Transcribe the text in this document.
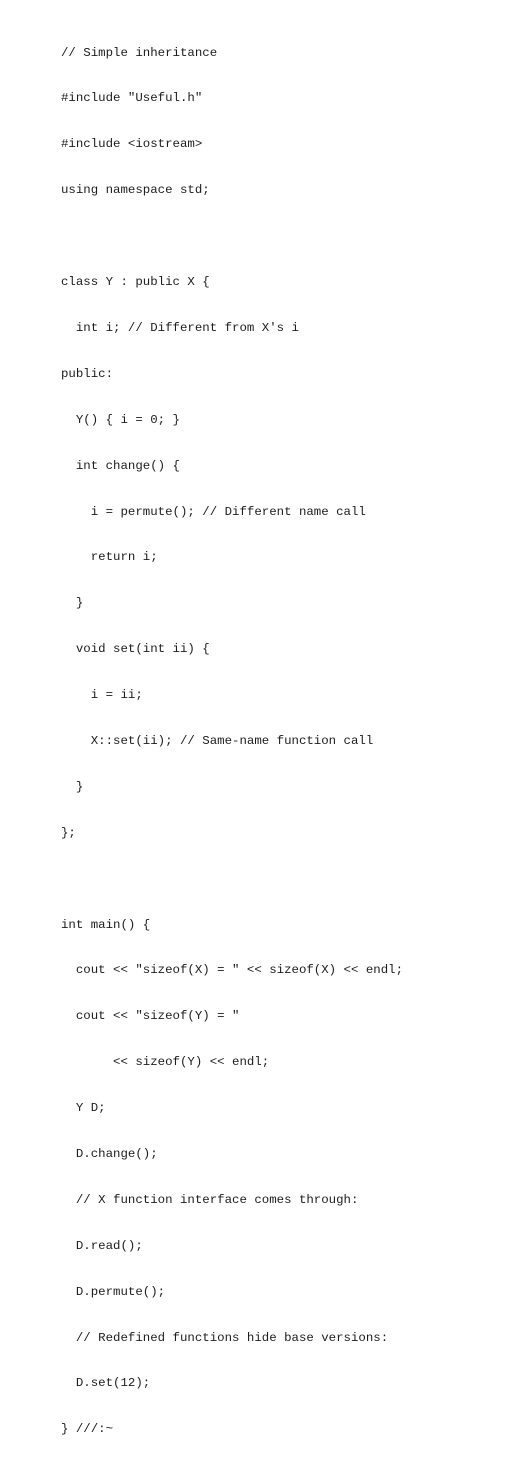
// Simple inheritance

#include "Useful.h"

#include <iostream>

using namespace std;

class Y : public X {

int i; // Different from X's i

public:

Y() { i = 0; }

int change() {

i = permute(); // Different name call

return i;

}

void set(int ii) {

i = ii;

X::set(ii); // Same-name function call

}

};

int main() {

cout << "sizeof(X) = " << sizeof(X) << endl;

cout << "sizeof(Y) = "

<< sizeof(Y) << endl;

Y D;

D.change();

// X function interface comes through:

D.read();

D.permute();

// Redefined functions hide base versions:

D.set(12);

} ///:~
